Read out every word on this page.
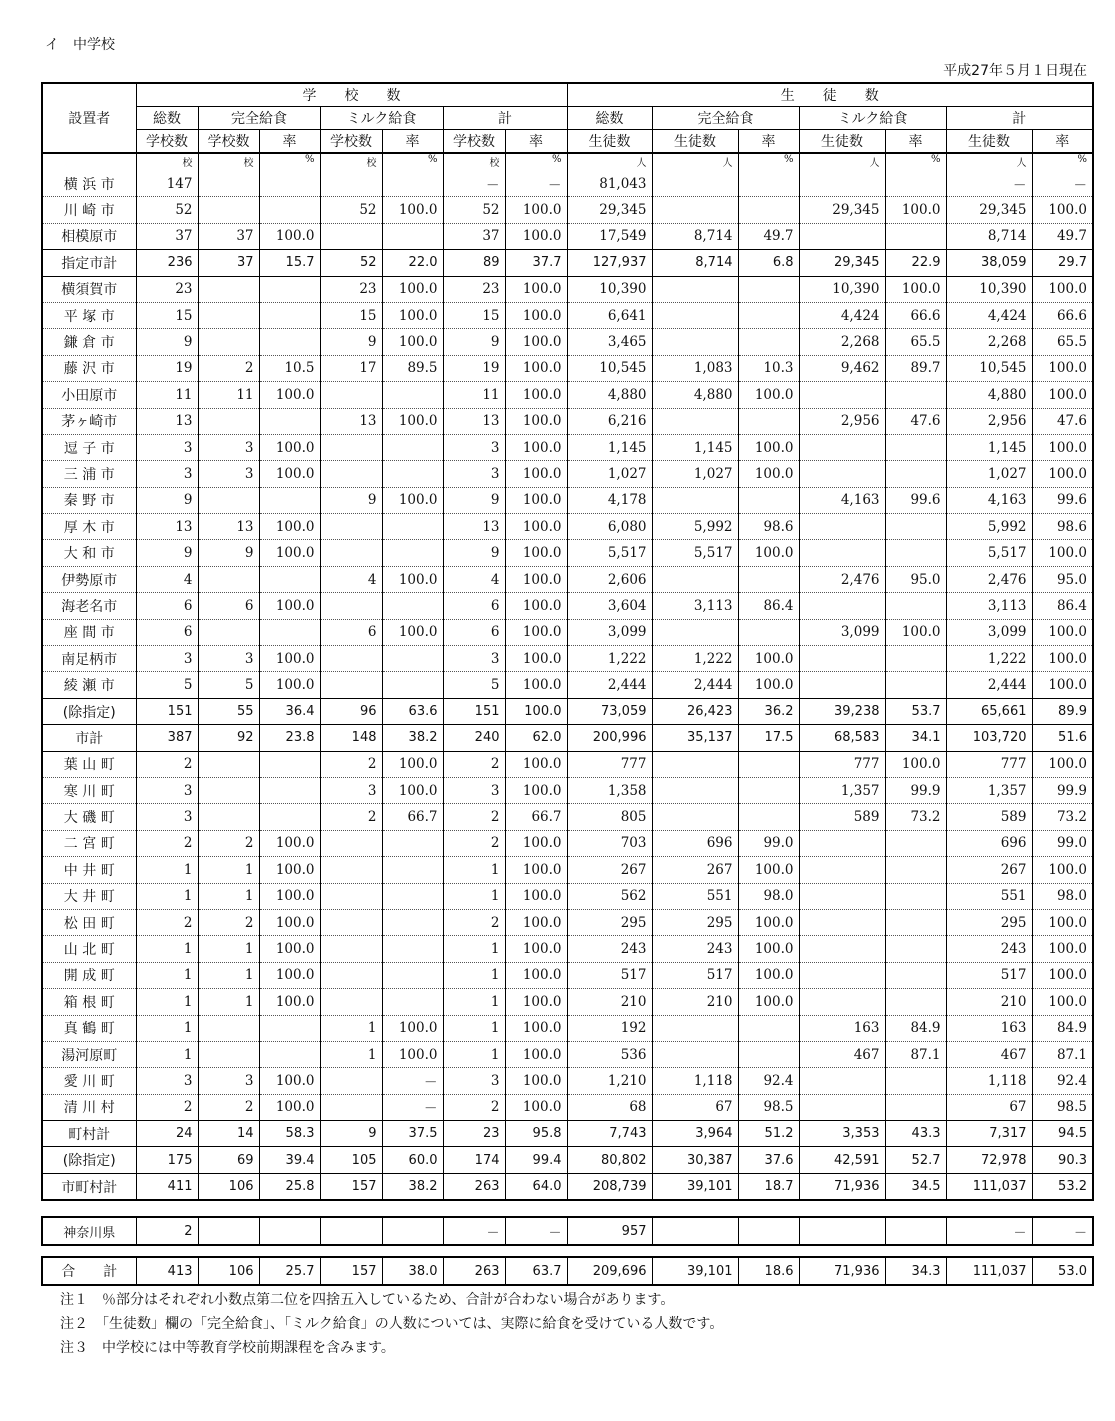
イ　中学校
平成27年５月１日現在
設置者	学　　校　　数							生　　徒　　数						
	総数	完全給食		ミルク給食		計		総数	完全給食		ミルク給食		計	
	学校数	学校数	率	学校数	率	学校数	率	生徒数	生徒数	率	生徒数	率	生徒数	率
	校	校	%	校	%	校	%	人	人	%	人	%	人	%
横 浜 市	147					－	－	81,043					－	－
川 崎 市	52			52	100.0	52	100.0	29,345			29,345	100.0	29,345	100.0
相模原市	37	37	100.0			37	100.0	17,549	8,714	49.7			8,714	49.7
指定市計	236	37	15.7	52	22.0	89	37.7	127,937	8,714	6.8	29,345	22.9	38,059	29.7
横須賀市	23			23	100.0	23	100.0	10,390			10,390	100.0	10,390	100.0
平 塚 市	15			15	100.0	15	100.0	6,641			4,424	66.6	4,424	66.6
鎌 倉 市	9			9	100.0	9	100.0	3,465			2,268	65.5	2,268	65.5
藤 沢 市	19	2	10.5	17	89.5	19	100.0	10,545	1,083	10.3	9,462	89.7	10,545	100.0
小田原市	11	11	100.0			11	100.0	4,880	4,880	100.0			4,880	100.0
茅ヶ崎市	13			13	100.0	13	100.0	6,216			2,956	47.6	2,956	47.6
逗 子 市	3	3	100.0			3	100.0	1,145	1,145	100.0			1,145	100.0
三 浦 市	3	3	100.0			3	100.0	1,027	1,027	100.0			1,027	100.0
秦 野 市	9			9	100.0	9	100.0	4,178			4,163	99.6	4,163	99.6
厚 木 市	13	13	100.0			13	100.0	6,080	5,992	98.6			5,992	98.6
大 和 市	9	9	100.0			9	100.0	5,517	5,517	100.0			5,517	100.0
伊勢原市	4			4	100.0	4	100.0	2,606			2,476	95.0	2,476	95.0
海老名市	6	6	100.0			6	100.0	3,604	3,113	86.4			3,113	86.4
座 間 市	6			6	100.0	6	100.0	3,099			3,099	100.0	3,099	100.0
南足柄市	3	3	100.0			3	100.0	1,222	1,222	100.0			1,222	100.0
綾 瀬 市	5	5	100.0			5	100.0	2,444	2,444	100.0			2,444	100.0
(除指定)	151	55	36.4	96	63.6	151	100.0	73,059	26,423	36.2	39,238	53.7	65,661	89.9
市計	387	92	23.8	148	38.2	240	62.0	200,996	35,137	17.5	68,583	34.1	103,720	51.6
葉 山 町	2			2	100.0	2	100.0	777			777	100.0	777	100.0
寒 川 町	3			3	100.0	3	100.0	1,358			1,357	99.9	1,357	99.9
大 磯 町	3			2	66.7	2	66.7	805			589	73.2	589	73.2
二 宮 町	2	2	100.0			2	100.0	703	696	99.0			696	99.0
中 井 町	1	1	100.0			1	100.0	267	267	100.0			267	100.0
大 井 町	1	1	100.0			1	100.0	562	551	98.0			551	98.0
松 田 町	2	2	100.0			2	100.0	295	295	100.0			295	100.0
山 北 町	1	1	100.0			1	100.0	243	243	100.0			243	100.0
開 成 町	1	1	100.0			1	100.0	517	517	100.0			517	100.0
箱 根 町	1	1	100.0			1	100.0	210	210	100.0			210	100.0
真 鶴 町	1			1	100.0	1	100.0	192			163	84.9	163	84.9
湯河原町	1			1	100.0	1	100.0	536			467	87.1	467	87.1
愛 川 町	3	3	100.0		－	3	100.0	1,210	1,118	92.4			1,118	92.4
清 川 村	2	2	100.0		－	2	100.0	68	67	98.5			67	98.5
町村計	24	14	58.3	9	37.5	23	95.8	7,743	3,964	51.2	3,353	43.3	7,317	94.5
(除指定)	175	69	39.4	105	60.0	174	99.4	80,802	30,387	37.6	42,591	52.7	72,978	90.3
市町村計	411	106	25.8	157	38.2	263	64.0	208,739	39,101	18.7	71,936	34.5	111,037	53.2
神奈川県	2					－	－	957					－	－
合　　計	413	106	25.7	157	38.0	263	63.7	209,696	39,101	18.6	71,936	34.3	111,037	53.0
注１　％部分はそれぞれ小数点第二位を四捨五入しているため、合計が合わない場合があります。
注２　「生徒数」欄の「完全給食」、「ミルク給食」の人数については、実際に給食を受けている人数です。
注３　中学校には中等教育学校前期課程を含みます。
